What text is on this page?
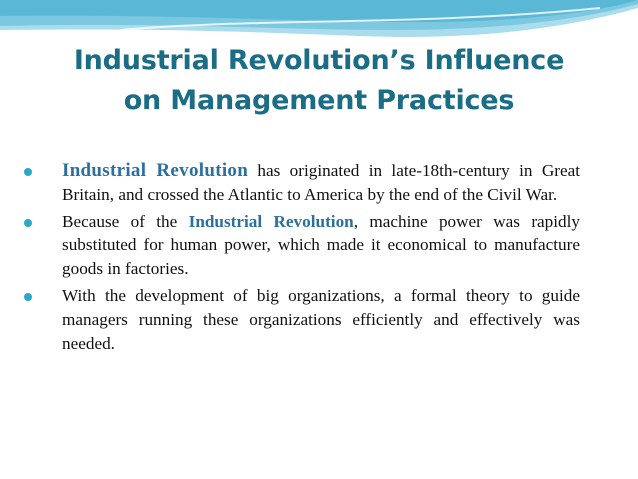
Industrial Revolution’s Influence
on Management Practices
Industrial Revolution has originated in late-18th-century in Great Britain, and crossed the Atlantic to America by the end of the Civil War.
Because of the Industrial Revolution, machine power was rapidly substituted for human power, which made it economical to manufacture goods in factories.
With the development of big organizations, a formal theory to guide managers running these organizations efficiently and effectively was needed.
